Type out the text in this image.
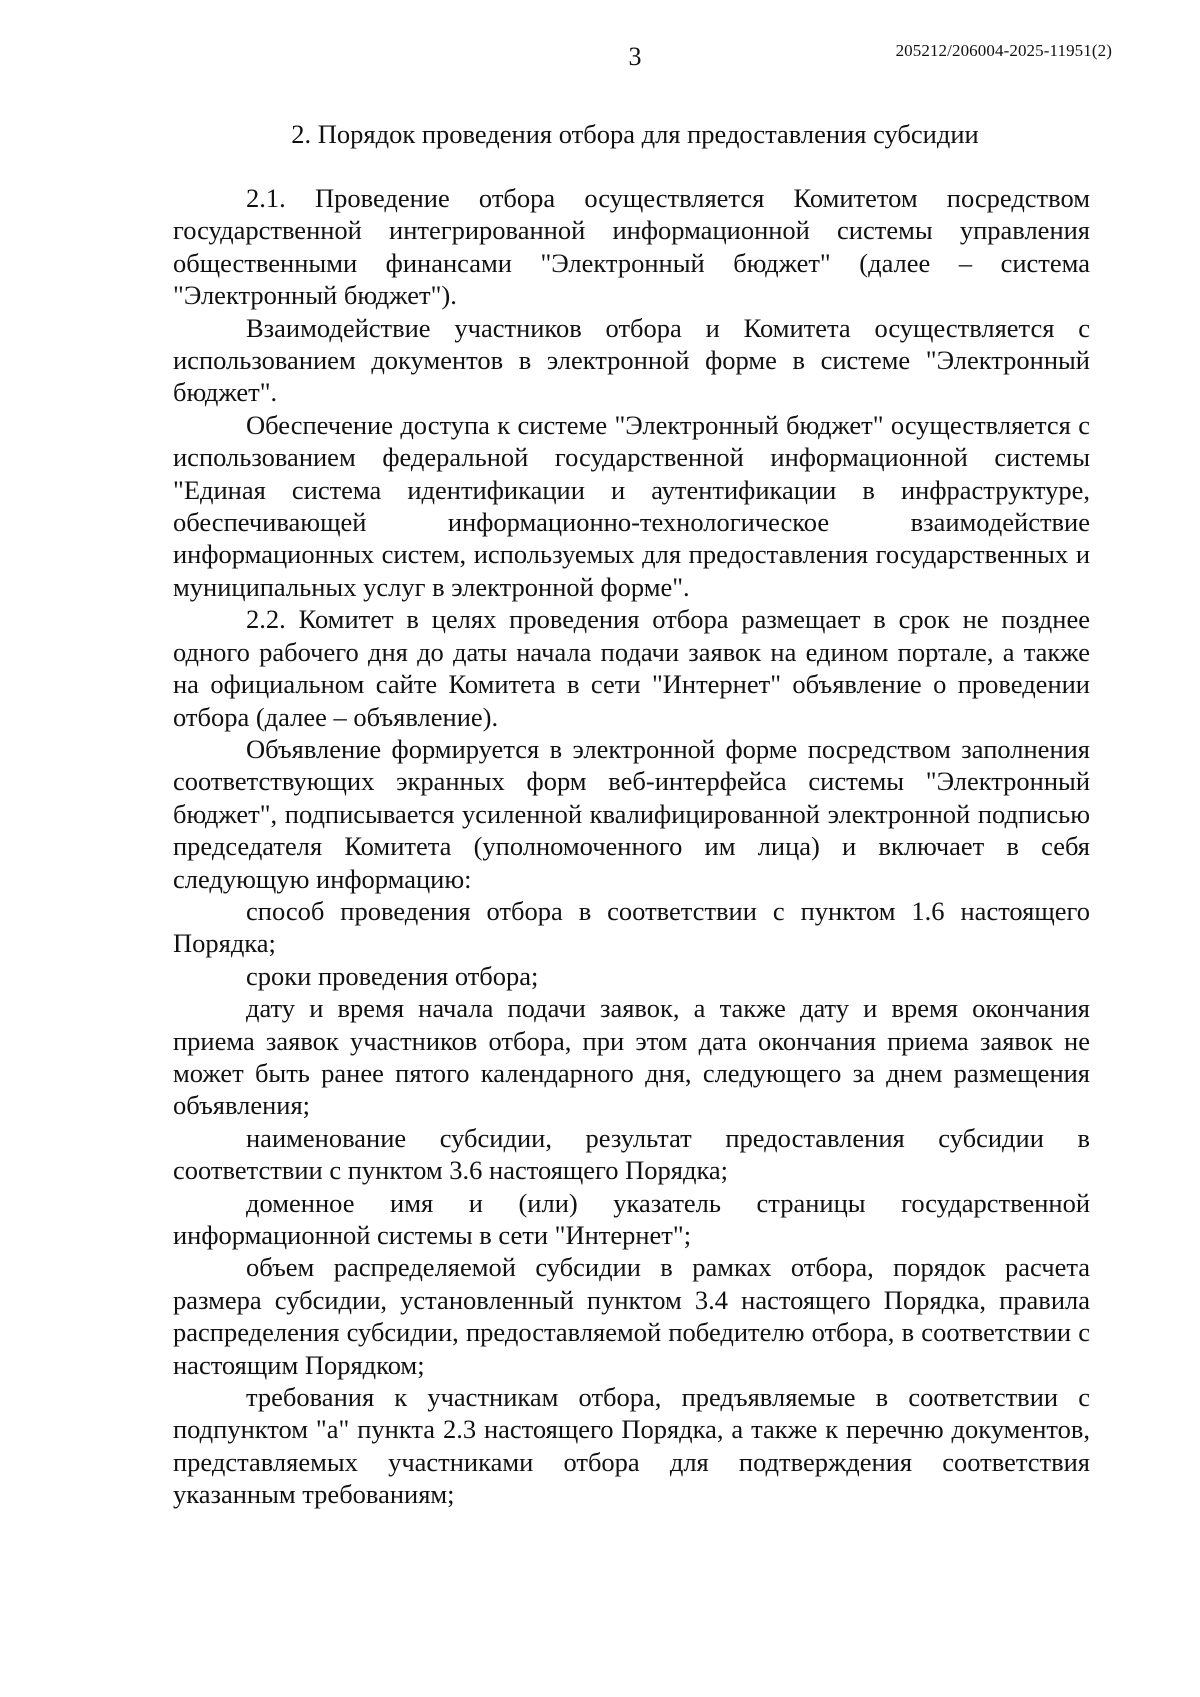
3	205212/206004-2025-11951(2)
2. Порядок проведения отбора для предоставления субсидии

2.1. Проведение отбора осуществляется Комитетом посредством государственной интегрированной информационной системы управления общественными финансами "Электронный бюджет" (далее – система "Электронный бюджет").

Взаимодействие участников отбора и Комитета осуществляется с использованием документов в электронной форме в системе "Электронный бюджет".

Обеспечение доступа к системе "Электронный бюджет" осуществляется с использованием федеральной государственной информационной системы "Единая система идентификации и аутентификации в инфраструктуре, обеспечивающей информационно-технологическое взаимодействие информационных систем, используемых для предоставления государственных и муниципальных услуг в электронной форме".

2.2. Комитет в целях проведения отбора размещает в срок не позднее одного рабочего дня до даты начала подачи заявок на едином портале, а также на официальном сайте Комитета в сети "Интернет" объявление о проведении отбора (далее – объявление).

Объявление формируется в электронной форме посредством заполнения соответствующих экранных форм веб-интерфейса системы "Электронный бюджет", подписывается усиленной квалифицированной электронной подписью председателя Комитета (уполномоченного им лица) и включает в себя следующую информацию:

способ проведения отбора в соответствии с пунктом 1.6 настоящего Порядка;

сроки проведения отбора;

дату и время начала подачи заявок, а также дату и время окончания приема заявок участников отбора, при этом дата окончания приема заявок не может быть ранее пятого календарного дня, следующего за днем размещения объявления;

наименование субсидии, результат предоставления субсидии в соответствии с пунктом 3.6 настоящего Порядка;

доменное имя и (или) указатель страницы государственной информационной системы в сети "Интернет";

объем распределяемой субсидии в рамках отбора, порядок расчета размера субсидии, установленный пунктом 3.4 настоящего Порядка, правила распределения субсидии, предоставляемой победителю отбора, в соответствии с настоящим Порядком;

требования к участникам отбора, предъявляемые в соответствии с подпунктом "а" пункта 2.3 настоящего Порядка, а также к перечню документов, представляемых участниками отбора для подтверждения соответствия указанным требованиям;
